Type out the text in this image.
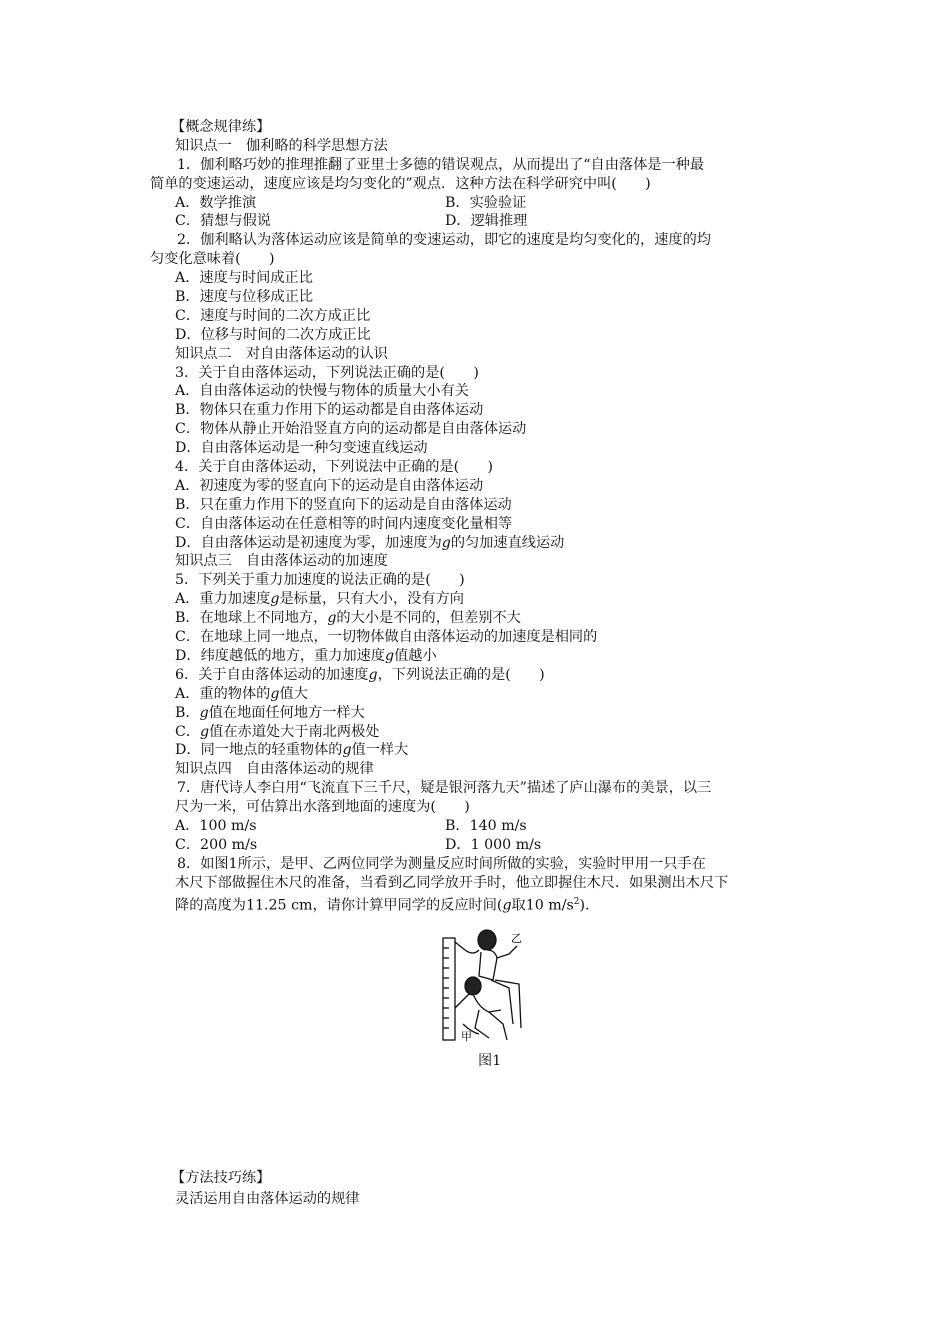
【概念规律练】
知识点一　伽利略的科学思想方法
1．伽利略巧妙的推理推翻了亚里士多德的错误观点，从而提出了“自由落体是一种最
简单的变速运动，速度应该是均匀变化的”观点．这种方法在科学研究中叫(　　)
A．数学推演	B．实验验证
C．猜想与假说	D．逻辑推理
2．伽利略认为落体运动应该是简单的变速运动，即它的速度是均匀变化的，速度的均
匀变化意味着(　　)
A．速度与时间成正比
B．速度与位移成正比
C．速度与时间的二次方成正比
D．位移与时间的二次方成正比
知识点二　对自由落体运动的认识
3．关于自由落体运动，下列说法正确的是(　　)
A．自由落体运动的快慢与物体的质量大小有关
B．物体只在重力作用下的运动都是自由落体运动
C．物体从静止开始沿竖直方向的运动都是自由落体运动
D．自由落体运动是一种匀变速直线运动
4．关于自由落体运动，下列说法中正确的是(　　)
A．初速度为零的竖直向下的运动是自由落体运动
B．只在重力作用下的竖直向下的运动是自由落体运动
C．自由落体运动在任意相等的时间内速度变化量相等
D．自由落体运动是初速度为零，加速度为g的匀加速直线运动
知识点三　自由落体运动的加速度
5．下列关于重力加速度的说法正确的是(　　)
A．重力加速度g是标量，只有大小，没有方向
B．在地球上不同地方，g的大小是不同的，但差别不大
C．在地球上同一地点，一切物体做自由落体运动的加速度是相同的
D．纬度越低的地方，重力加速度g值越小
6．关于自由落体运动的加速度g，下列说法正确的是(　　)
A．重的物体的g值大
B．g值在地面任何地方一样大
C．g值在赤道处大于南北两极处
D．同一地点的轻重物体的g值一样大
知识点四　自由落体运动的规律
7．唐代诗人李白用“飞流直下三千尺，疑是银河落九天”描述了庐山瀑布的美景，以三
尺为一米，可估算出水落到地面的速度为(　　)
A．100 m/s	B．140 m/s
C．200 m/s	D．1 000 m/s
8．如图1所示，是甲、乙两位同学为测量反应时间所做的实验，实验时甲用一只手在
木尺下部做握住木尺的准备，当看到乙同学放开手时，他立即握住木尺．如果测出木尺下
降的高度为11.25 cm，请你计算甲同学的反应时间(g取10 $m/s^2$)．
乙
甲
图1
【方法技巧练】
灵活运用自由落体运动的规律
